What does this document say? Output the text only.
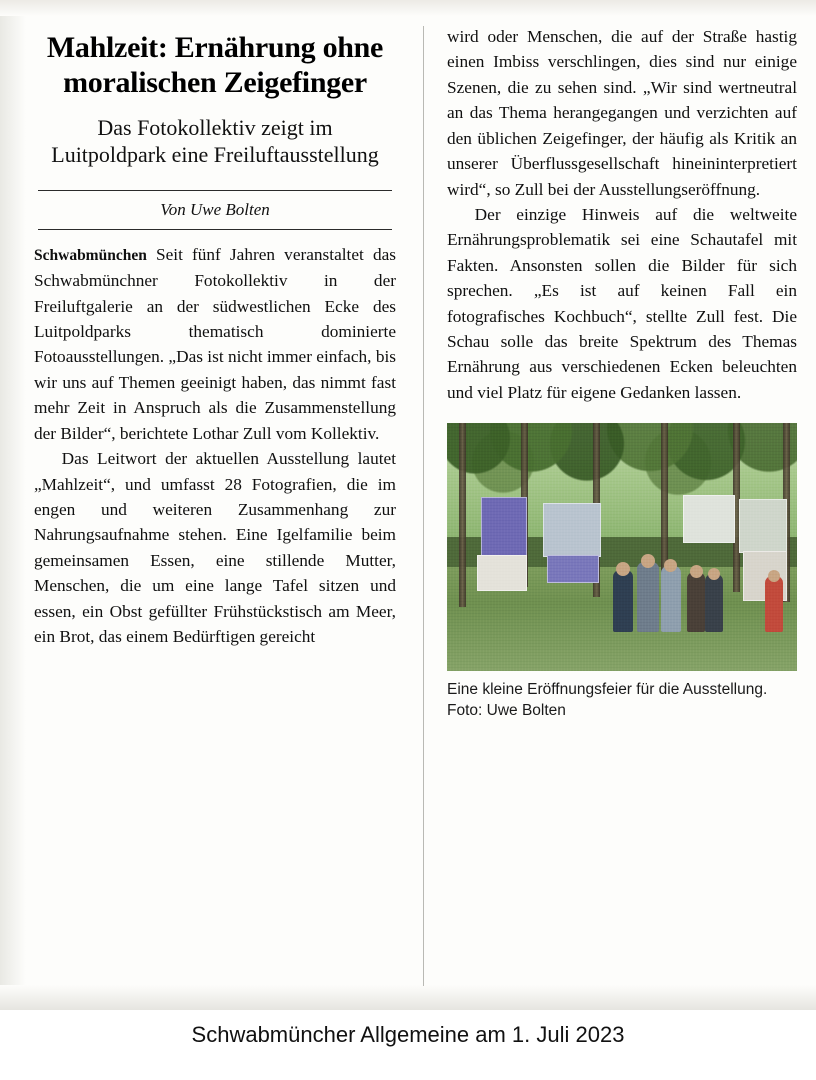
Mahlzeit: Ernährung ohne moralischen Zeigefinger
Das Fotokollektiv zeigt im Luitpoldpark eine Freiluftausstellung
Von Uwe Bolten

Schwabmünchen Seit fünf Jahren veranstaltet das Schwabmünchner Fotokollektiv in der Freiluftgalerie an der südwestlichen Ecke des Luitpoldparks thematisch dominierte Fotoausstellungen. „Das ist nicht immer einfach, bis wir uns auf Themen geeinigt haben, das nimmt fast mehr Zeit in Anspruch als die Zusammenstellung der Bilder“, berichtete Lothar Zull vom Kollektiv.

Das Leitwort der aktuellen Ausstellung lautet „Mahlzeit“, und umfasst 28 Fotografien, die im engen und weiteren Zusammenhang zur Nahrungsaufnahme stehen. Eine Igelfamilie beim gemeinsamen Essen, eine stillende Mutter, Menschen, die um eine lange Tafel sitzen und essen, ein Obst gefüllter Frühstückstisch am Meer, ein Brot, das einem Bedürftigen gereicht

wird oder Menschen, die auf der Straße hastig einen Imbiss verschlingen, dies sind nur einige Szenen, die zu sehen sind. „Wir sind wertneutral an das Thema herangegangen und verzichten auf den üblichen Zeigefinger, der häufig als Kritik an unserer Überflussgesellschaft hineininterpretiert wird“, so Zull bei der Ausstellungseröffnung.

Der einzige Hinweis auf die weltweite Ernährungsproblematik sei eine Schautafel mit Fakten. Ansonsten sollen die Bilder für sich sprechen. „Es ist auf keinen Fall ein fotografisches Kochbuch“, stellte Zull fest. Die Schau solle das breite Spektrum des Themas Ernährung aus verschiedenen Ecken beleuchten und viel Platz für eigene Gedanken lassen.

Eine kleine Eröffnungsfeier für die Ausstellung. Foto: Uwe Bolten
Schwabmüncher Allgemeine am 1. Juli 2023
